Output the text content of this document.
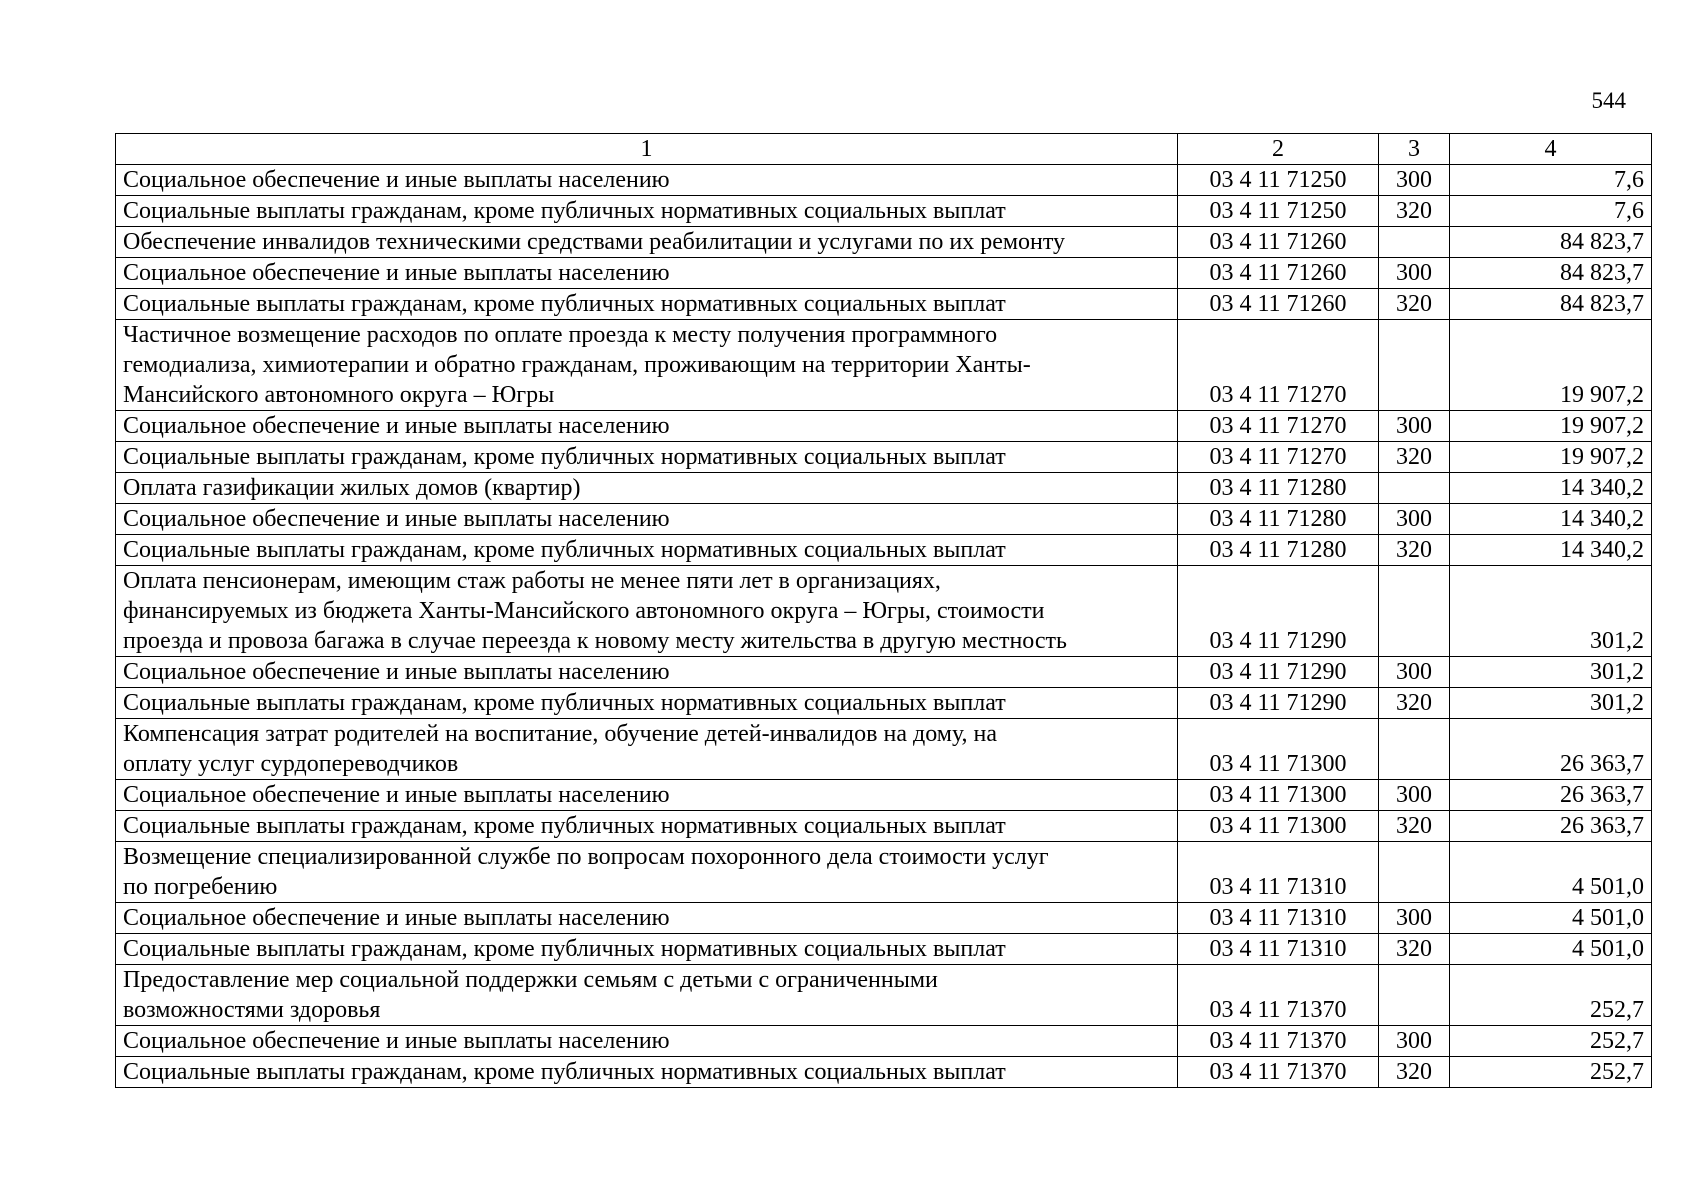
544
1	2	3	4
Социальное обеспечение и иные выплаты населению	03 4 11 71250	300	7,6
Социальные выплаты гражданам, кроме публичных нормативных социальных выплат	03 4 11 71250	320	7,6
Обеспечение инвалидов техническими средствами реабилитации и услугами по их ремонту	03 4 11 71260		84 823,7
Социальное обеспечение и иные выплаты населению	03 4 11 71260	300	84 823,7
Социальные выплаты гражданам, кроме публичных нормативных социальных выплат	03 4 11 71260	320	84 823,7
Частичное возмещение расходов по оплате проезда к месту получения программного
гемодиализа, химиотерапии и обратно гражданам, проживающим на территории Ханты-
Мансийского автономного округа – Югры	03 4 11 71270		19 907,2
Социальное обеспечение и иные выплаты населению	03 4 11 71270	300	19 907,2
Социальные выплаты гражданам, кроме публичных нормативных социальных выплат	03 4 11 71270	320	19 907,2
Оплата газификации жилых домов (квартир)	03 4 11 71280		14 340,2
Социальное обеспечение и иные выплаты населению	03 4 11 71280	300	14 340,2
Социальные выплаты гражданам, кроме публичных нормативных социальных выплат	03 4 11 71280	320	14 340,2
Оплата пенсионерам, имеющим стаж работы не менее пяти лет в организациях,
финансируемых из бюджета Ханты-Мансийского автономного округа – Югры, стоимости
проезда и провоза багажа в случае переезда к новому месту жительства в другую местность	03 4 11 71290		301,2
Социальное обеспечение и иные выплаты населению	03 4 11 71290	300	301,2
Социальные выплаты гражданам, кроме публичных нормативных социальных выплат	03 4 11 71290	320	301,2
Компенсация затрат родителей на воспитание, обучение детей-инвалидов на дому, на
оплату услуг сурдопереводчиков	03 4 11 71300		26 363,7
Социальное обеспечение и иные выплаты населению	03 4 11 71300	300	26 363,7
Социальные выплаты гражданам, кроме публичных нормативных социальных выплат	03 4 11 71300	320	26 363,7
Возмещение специализированной службе по вопросам похоронного дела стоимости услуг
по погребению	03 4 11 71310		4 501,0
Социальное обеспечение и иные выплаты населению	03 4 11 71310	300	4 501,0
Социальные выплаты гражданам, кроме публичных нормативных социальных выплат	03 4 11 71310	320	4 501,0
Предоставление мер социальной поддержки семьям с детьми с ограниченными
возможностями здоровья	03 4 11 71370		252,7
Социальное обеспечение и иные выплаты населению	03 4 11 71370	300	252,7
Социальные выплаты гражданам, кроме публичных нормативных социальных выплат	03 4 11 71370	320	252,7
